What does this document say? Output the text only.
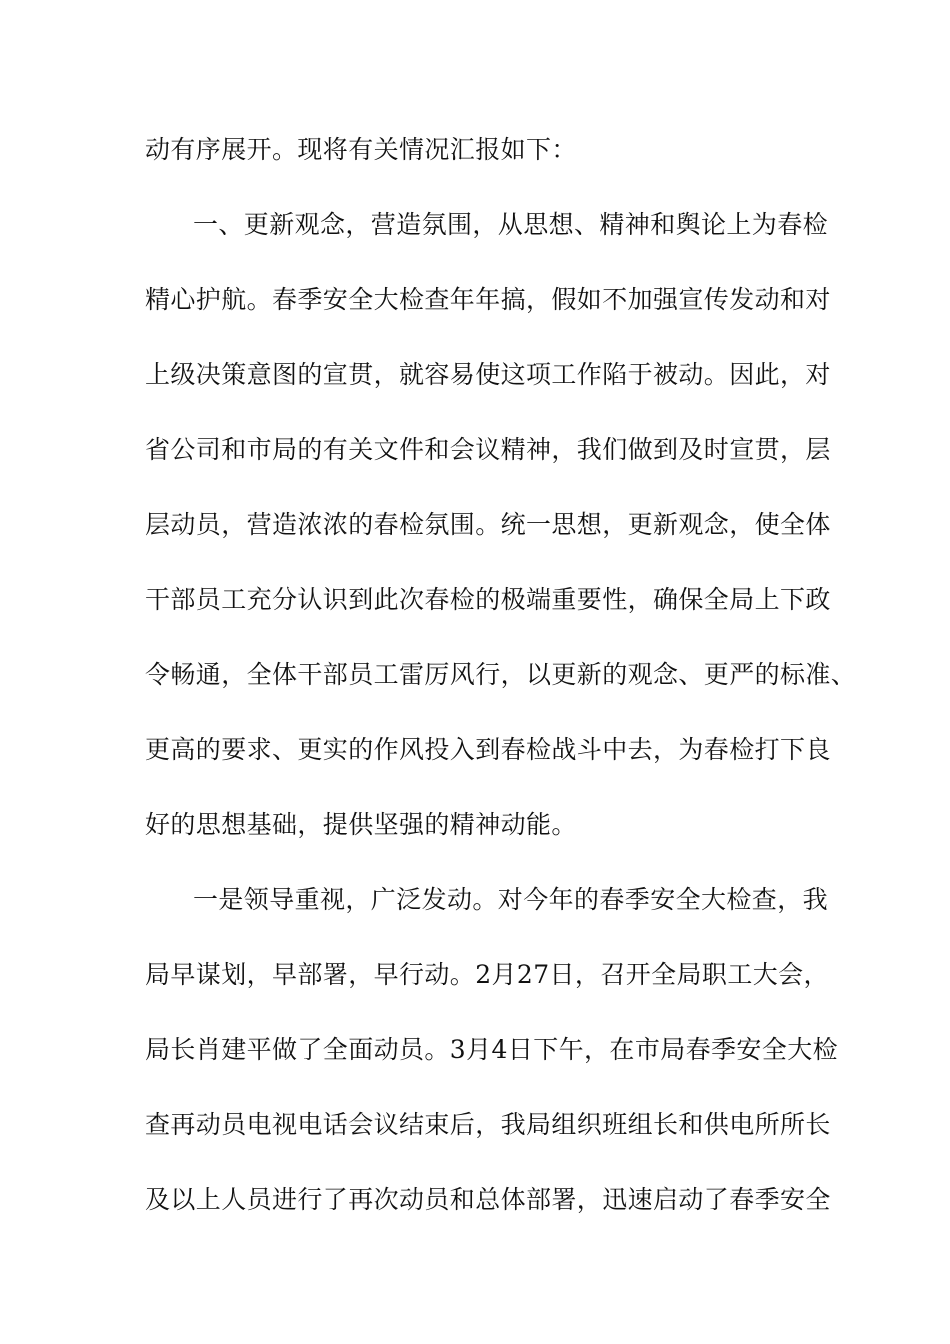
动有序展开。现将有关情况汇报如下：
一、更新观念，营造氛围，从思想、精神和舆论上为春检
精心护航。春季安全大检查年年搞，假如不加强宣传发动和对
上级决策意图的宣贯，就容易使这项工作陷于被动。因此，对
省公司和市局的有关文件和会议精神，我们做到及时宣贯，层
层动员，营造浓浓的春检氛围。统一思想，更新观念，使全体
干部员工充分认识到此次春检的极端重要性，确保全局上下政
令畅通，全体干部员工雷厉风行，以更新的观念、更严的标准、
更高的要求、更实的作风投入到春检战斗中去，为春检打下良
好的思想基础，提供坚强的精神动能。
一是领导重视，广泛发动。对今年的春季安全大检查，我
局早谋划，早部署，早行动。2月27日，召开全局职工大会，
局长肖建平做了全面动员。3月4日下午，在市局春季安全大检
查再动员电视电话会议结束后，我局组织班组长和供电所所长
及以上人员进行了再次动员和总体部署，迅速启动了春季安全
